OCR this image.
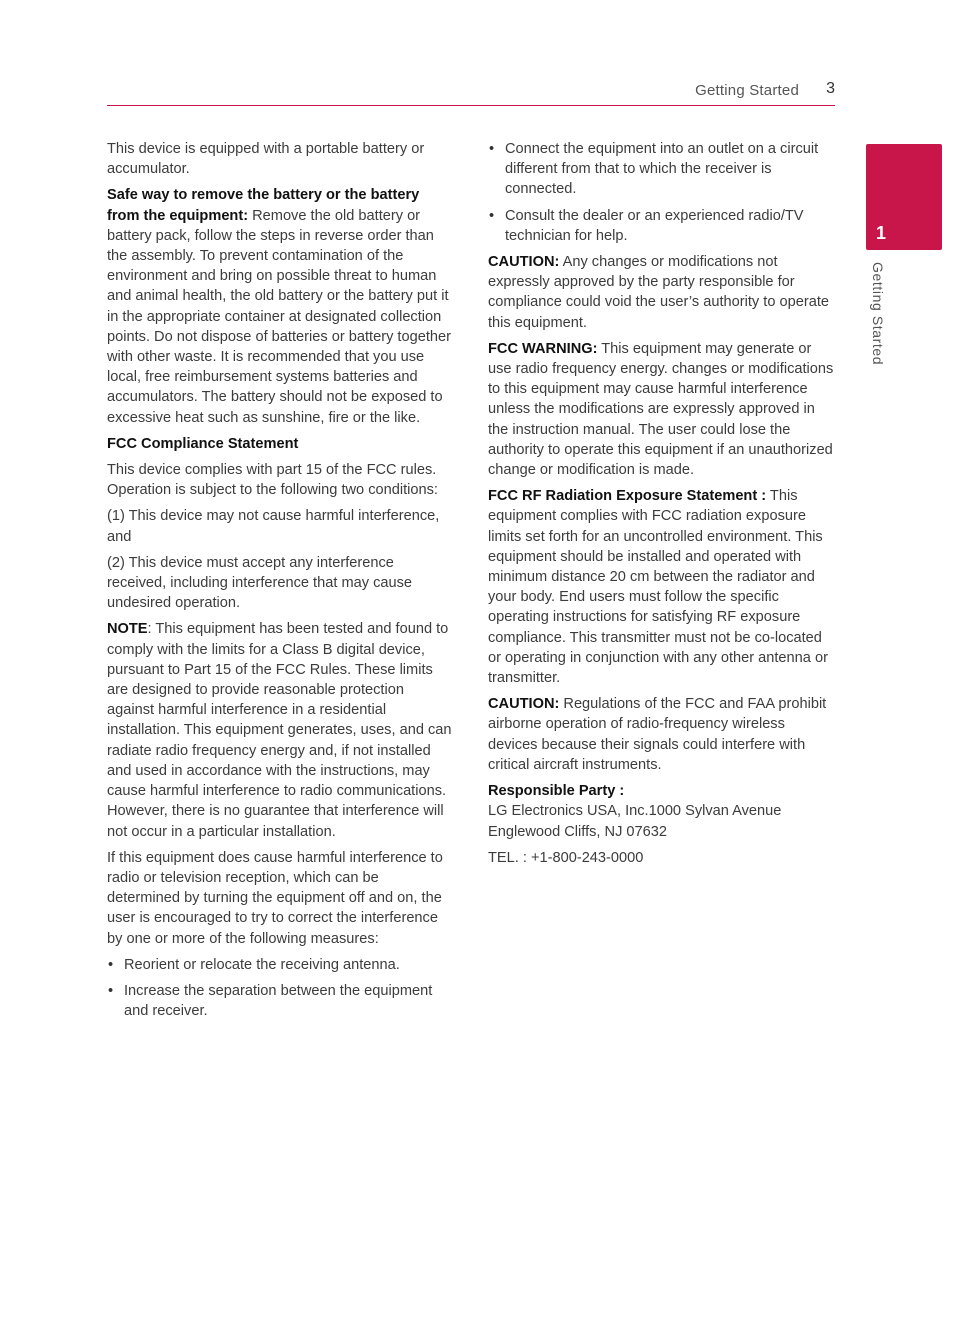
Getting Started 3
1
Getting Started

This device is equipped with a portable battery or accumulator.

Safe way to remove the battery or the battery from the equipment: Remove the old battery or battery pack, follow the steps in reverse order than the assembly. To prevent contamination of the environment and bring on possible threat to human and animal health, the old battery or the battery put it in the appropriate container at designated collection points. Do not dispose of batteries or battery together with other waste. It is recommended that you use local, free reimbursement systems batteries and accumulators. The battery should not be exposed to excessive heat such as sunshine, fire or the like.

FCC Compliance Statement

This device complies with part 15 of the FCC rules. Operation is subject to the following two conditions:

(1) This device may not cause harmful interference, and

(2) This device must accept any interference received, including interference that may cause undesired operation.

NOTE: This equipment has been tested and found to comply with the limits for a Class B digital device, pursuant to Part 15 of the FCC Rules. These limits are designed to provide reasonable protection against harmful interference in a residential installation. This equipment generates, uses, and can radiate radio frequency energy and, if not installed and used in accordance with the instructions, may cause harmful interference to radio communications. However, there is no guarantee that interference will not occur in a particular installation.

If this equipment does cause harmful interference to radio or television reception, which can be determined by turning the equipment off and on, the user is encouraged to try to correct the interference by one or more of the following measures:

• Reorient or relocate the receiving antenna.
• Increase the separation between the equipment and receiver.
• Connect the equipment into an outlet on a circuit different from that to which the receiver is connected.
• Consult the dealer or an experienced radio/TV technician for help.

CAUTION: Any changes or modifications not expressly approved by the party responsible for compliance could void the user’s authority to operate this equipment.

FCC WARNING: This equipment may generate or use radio frequency energy. changes or modifications to this equipment may cause harmful interference unless the modifications are expressly approved in the instruction manual. The user could lose the authority to operate this equipment if an unauthorized change or modification is made.

FCC RF Radiation Exposure Statement : This equipment complies with FCC radiation exposure limits set forth for an uncontrolled environment. This equipment should be installed and operated with minimum distance 20 cm between the radiator and your body. End users must follow the specific operating instructions for satisfying RF exposure compliance. This transmitter must not be co-located or operating in conjunction with any other antenna or transmitter.

CAUTION: Regulations of the FCC and FAA prohibit airborne operation of radio-frequency wireless devices because their signals could interfere with critical aircraft instruments.

Responsible Party :
LG Electronics USA, Inc.1000 Sylvan Avenue
Englewood Cliffs, NJ 07632

TEL. : +1-800-243-0000
